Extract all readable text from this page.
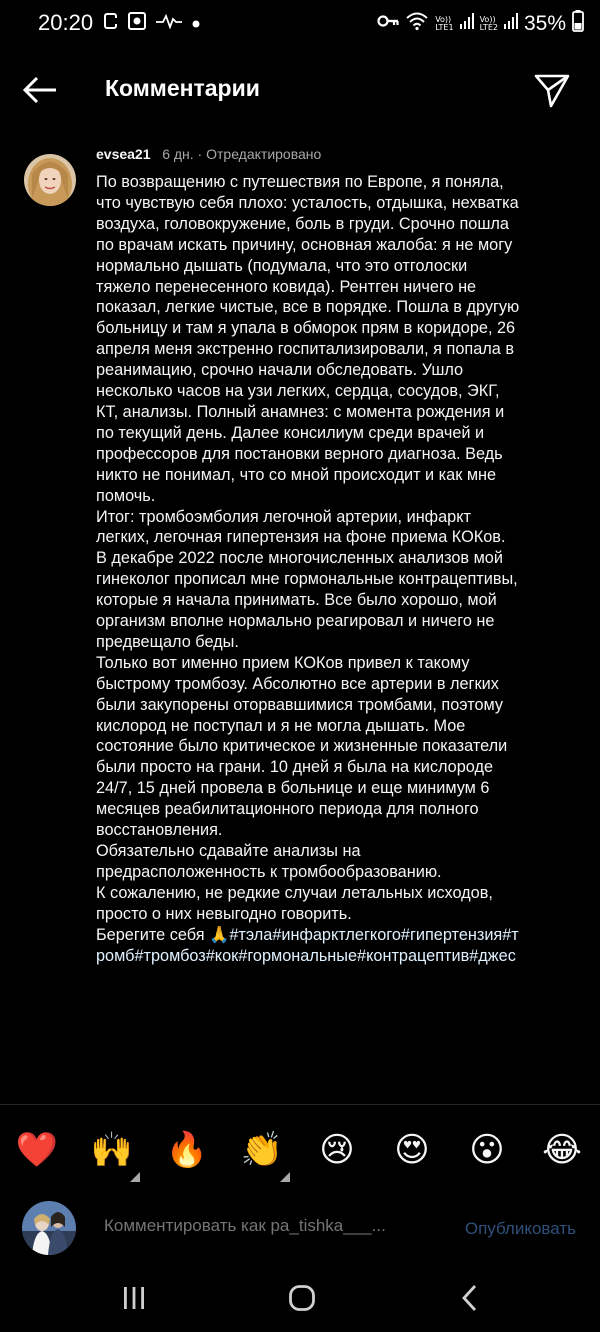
20:20	Vo))
LTE1
Vo))
LTE2 35%
Комментарии
evsea21 6 дн. · Отредактировано
По возвращению с путешествия по Европе, я поняла, что чувствую себя плохо: усталость, отдышка, нехватка воздуха, головокружение, боль в груди. Срочно пошла по врачам искать причину, основная жалоба: я не могу нормально дышать (подумала, что это отголоски тяжело перенесенного ковида). Рентген ничего не показал, легкие чистые, все в порядке. Пошла в другую больницу и там я упала в обморок прям в коридоре, 26 апреля меня экстренно госпитализировали, я попала в реанимацию, срочно начали обследовать. Ушло несколько часов на узи легких, сердца, сосудов, ЭКГ, КТ, анализы. Полный анамнез: с момента рождения и по текущий день. Далее консилиум среди врачей и профессоров для постановки верного диагноза. Ведь никто не понимал, что со мной происходит и как мне помочь.
Итог: тромбоэмболия легочной артерии, инфаркт легких, легочная гипертензия на фоне приема КОКов.
В декабре 2022 после многочисленных анализов мой гинеколог прописал мне гормональные контрацептивы, которые я начала принимать. Все было хорошо, мой организм вполне нормально реагировал и ничего не предвещало беды.
Только вот именно прием КОКов привел к такому быстрому тромбозу. Абсолютно все артерии в легких были закупорены оторвавшимися тромбами, поэтому кислород не поступал и я не могла дышать. Мое состояние было критическое и жизненные показатели были просто на грани. 10 дней я была на кислороде 24/7, 15 дней провела в больнице и еще минимум 6 месяцев реабилитационного периода для полного восстановления.
Обязательно сдавайте анализы на предрасположенность к тромбообразованию.
К сожалению, не редкие случаи летальных исходов, просто о них невыгодно говорить.
Берегите себя 🙏#тэла#инфарктлегкого#гипертензия#тромб#тромбоз#кок#гормональные#контрацептив#джес
❤️ 🙌 🔥 👏 😢 😍 😮 😂
Комментировать как pa_tishka___...
Опубликовать
